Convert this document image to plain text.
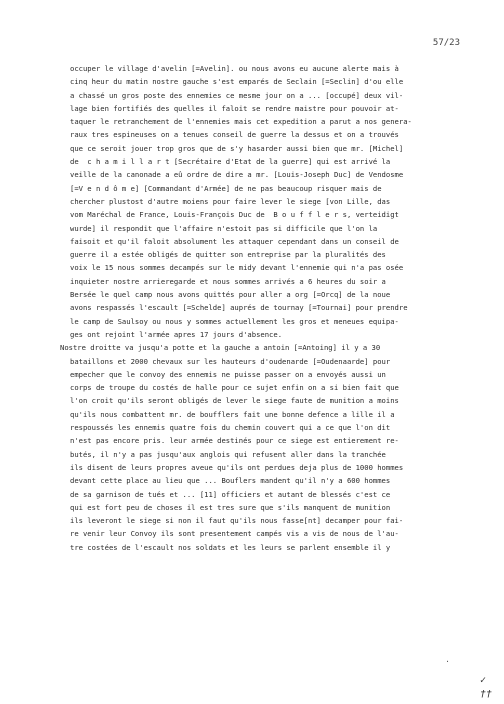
57/23
occuper le village d'avelin [=Avelin]. ou nous avons eu aucune alerte mais à
cinq heur du matin nostre gauche s'est emparés de Seclain [=Seclin] d'ou elle
a chassé un gros poste des ennemies ce mesme jour on a ... [occupé] deux vil-
lage bien fortifiés des quelles il faloit se rendre maistre pour pouvoir at-
taquer le retranchement de l'ennemies mais cet expedition a parut a nos genera-
raux tres espineuses on a tenues conseil de guerre la dessus et on a trouvés
que ce seroit jouer trop gros que de s'y hasarder aussi bien que mr. [Michel]
de  c h a m i l l a r t [Secrétaire d'Etat de la guerre] qui est arrivé la
veille de la canonade a eû ordre de dire a mr. [Louis-Joseph Duc] de Vendosme
[=V e n d ô m e] [Commandant d'Armée] de ne pas beaucoup risquer mais de
chercher plustost d'autre moiens pour faire lever le siege [von Lille, das
vom Maréchal de France, Louis-François Duc de  B o u f f l e r s, verteidigt
wurde] il respondit que l'affaire n'estoit pas si difficile que l'on la
faisoit et qu'il faloit absolument les attaquer cependant dans un conseil de
guerre il a estée obligés de quitter son entreprise par la pluralités des
voix le 15 nous sommes decampés sur le midy devant l'ennemie qui n'a pas osée
inquieter nostre arrieregarde et nous sommes arrivés a 6 heures du soir a
Bersée le quel camp nous avons quittés pour aller a org [=Orcq] de la noue
avons respassés l'escault [=Schelde] auprés de tournay [=Tournai] pour prendre
le camp de Saulsoy ou nous y sommes actuellement les gros et meneues equipa-
ges ont rejoint l'armée apres 17 jours d'absence.
Nostre droitte va jusqu'a potte et la gauche a antoin [=Antoing] il y a 30
bataillons et 2000 chevaux sur les hauteurs d'oudenarde [=Oudenaarde] pour
empecher que le convoy des ennemis ne puisse passer on a envoyés aussi un
corps de troupe du costés de halle pour ce sujet enfin on a si bien fait que
l'on croit qu'ils seront obligés de lever le siege faute de munition a moins
qu'ils nous combattent mr. de boufflers fait une bonne defence a lille il a
respoussés les ennemis quatre fois du chemin couvert qui a ce que l'on dit
n'est pas encore pris. leur armée destinés pour ce siege est entierement re-
butés, il n'y a pas jusqu'aux anglois qui refusent aller dans la tranchée
ils disent de leurs propres aveue qu'ils ont perdues deja plus de 1000 hommes
devant cette place au lieu que ... Bouflers mandent qu'il n'y a 600 hommes
de sa garnison de tués et ... [11] officiers et autant de blessés c'est ce
qui est fort peu de choses il est tres sure que s'ils manquent de munition
ils leveront le siege si non il faut qu'ils nous fasse[nt] decamper pour fai-
re venir leur Convoy ils sont presentement campés vis a vis de nous de l'au-
tre costées de l'escault nos soldats et les leurs se parlent ensemble il y
.
✓
††
